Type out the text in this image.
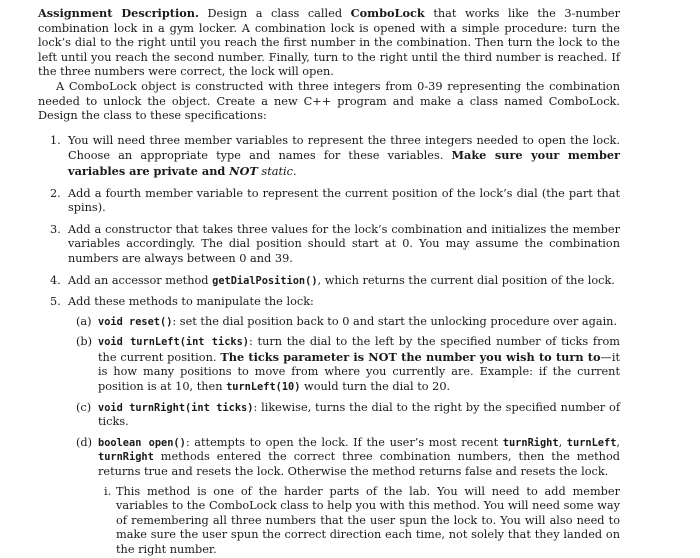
Assignment Description. Design a class called ComboLock that works like the 3-number combination lock in a gym locker. A combination lock is opened with a simple procedure: turn the lock’s dial to the right until you reach the first number in the combination. Then turn the lock to the left until you reach the second number. Finally, turn to the right until the third number is reached. If the three numbers were correct, the lock will open.

A ComboLock object is constructed with three integers from 0-39 representing the combination needed to unlock the object. Create a new C++ program and make a class named ComboLock. Design the class to these specifications:

1. You will need three member variables to represent the three integers needed to open the lock. Choose an appropriate type and names for these variables. Make sure your member variables are private and NOT static.

2. Add a fourth member variable to represent the current position of the lock’s dial (the part that spins).

3. Add a constructor that takes three values for the lock’s combination and initializes the member variables accordingly. The dial position should start at 0. You may assume the combination numbers are always between 0 and 39.

4. Add an accessor method getDialPosition(), which returns the current dial position of the lock.

5. Add these methods to manipulate the lock:

(a) void reset(): set the dial position back to 0 and start the unlocking procedure over again.

(b) void turnLeft(int ticks): turn the dial to the left by the specified number of ticks from the current position. The ticks parameter is NOT the number you wish to turn to—it is how many positions to move from where you currently are. Example: if the current position is at 10, then turnLeft(10) would turn the dial to 20.

(c) void turnRight(int ticks): likewise, turns the dial to the right by the specified number of ticks.

(d) boolean open(): attempts to open the lock. If the user’s most recent turnRight, turnLeft, turnRight methods entered the correct three combination numbers, then the method returns true and resets the lock. Otherwise the method returns false and resets the lock.

i. This method is one of the harder parts of the lab. You will need to add member variables to the ComboLock class to help you with this method. You will need some way of remembering all three numbers that the user spun the lock to. You will also need to make sure the user spun the correct direction each time, not solely that they landed on the right number.
